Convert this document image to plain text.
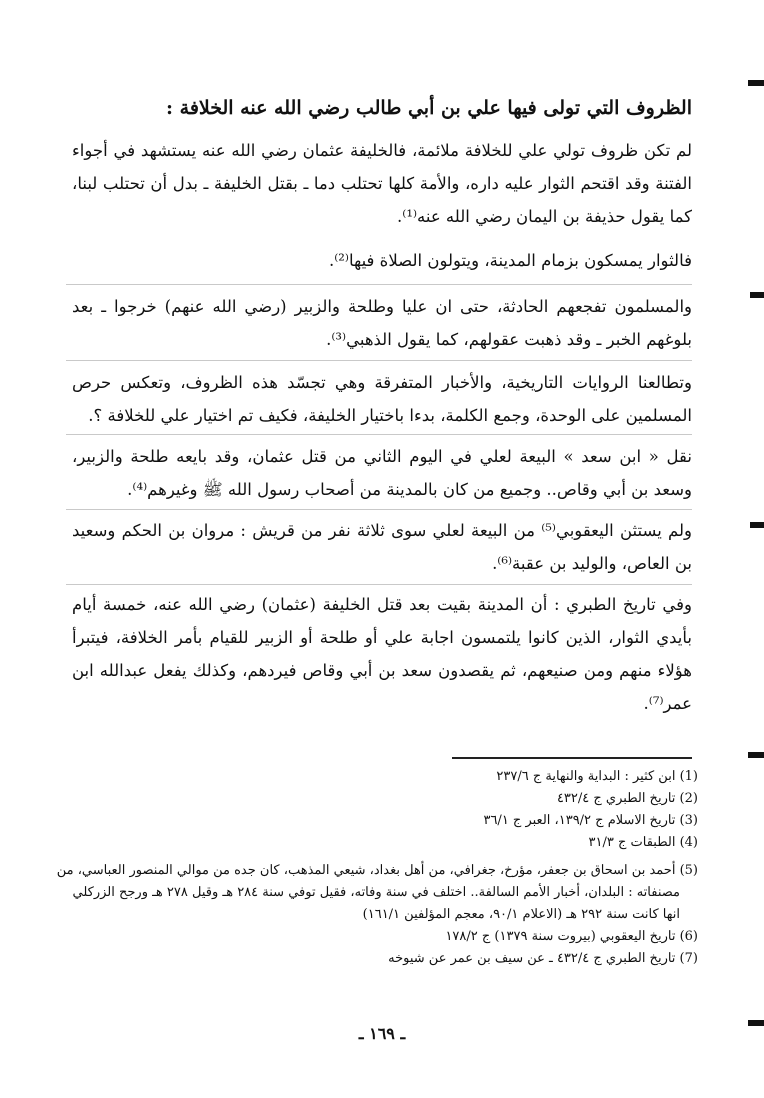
الظروف التي تولى فيها علي بن أبي طالب رضي الله عنه الخلافة :

لم تكن ظروف تولي علي للخلافة ملائمة، فالخليفة عثمان رضي الله عنه يستشهد في أجواء الفتنة وقد اقتحم الثوار عليه داره، والأمة كلها تحتلب دما ـ بقتل الخليفة ـ بدل أن تحتلب لبنا، كما يقول حذيفة بن اليمان رضي الله عنه⁽¹⁾.

فالثوار يمسكون بزمام المدينة، ويتولون الصلاة فيها⁽²⁾.

والمسلمون تفجعهم الحادثة، حتى ان عليا وطلحة والزبير (رضي الله عنهم) خرجوا ـ بعد بلوغهم الخبر ـ وقد ذهبت عقولهم، كما يقول الذهبي⁽³⁾.

وتطالعنا الروايات التاريخية، والأخبار المتفرقة وهي تجسّد هذه الظروف، وتعكس حرص المسلمين على الوحدة، وجمع الكلمة، بدءا باختيار الخليفة، فكيف تم اختيار علي للخلافة ؟.

نقل « ابن سعد » البيعة لعلي في اليوم الثاني من قتل عثمان، وقد بايعه طلحة والزبير، وسعد بن أبي وقاص.. وجميع من كان بالمدينة من أصحاب رسول الله ﷺ وغيرهم⁽⁴⁾.

ولم يستثن اليعقوبي⁽⁵⁾ من البيعة لعلي سوى ثلاثة نفر من قريش : مروان بن الحكم وسعيد بن العاص، والوليد بن عقبة⁽⁶⁾.

وفي تاريخ الطبري : أن المدينة بقيت بعد قتل الخليفة (عثمان) رضي الله عنه، خمسة أيام بأيدي الثوار، الذين كانوا يلتمسون اجابة علي أو طلحة أو الزبير للقيام بأمر الخلافة، فيتبرأ هؤلاء منهم ومن صنيعهم، ثم يقصدون سعد بن أبي وقاص فيردهم، وكذلك يفعل عبدالله ابن عمر⁽⁷⁾.

(1) ابن كثير : البداية والنهاية ج ٢٣٧/٦
(2) تاريخ الطبري ج ٤٣٢/٤
(3) تاريخ الاسلام ج ١٣٩/٢، العبر ج ٣٦/١
(4) الطبقات ج ٣١/٣
(5) أحمد بن اسحاق بن جعفر، مؤرخ، جغرافي، من أهل بغداد، شيعي المذهب، كان جده من موالي المنصور العباسي، من
مصنفاته : البلدان، أخبار الأمم السالفة.. اختلف في سنة وفاته، فقيل توفي سنة ٢٨٤ هـ وقيل ٢٧٨ هـ ورجح الزركلي
انها كانت سنة ٢٩٢ هـ (الاعلام ٩٠/١، معجم المؤلفين ١٦١/١)
(6) تاريخ اليعقوبي (بيروت سنة ١٣٧٩) ج ١٧٨/٢
(7) تاريخ الطبري ج ٤٣٢/٤ ـ عن سيف بن عمر عن شيوخه
ـ ١٦٩ ـ
